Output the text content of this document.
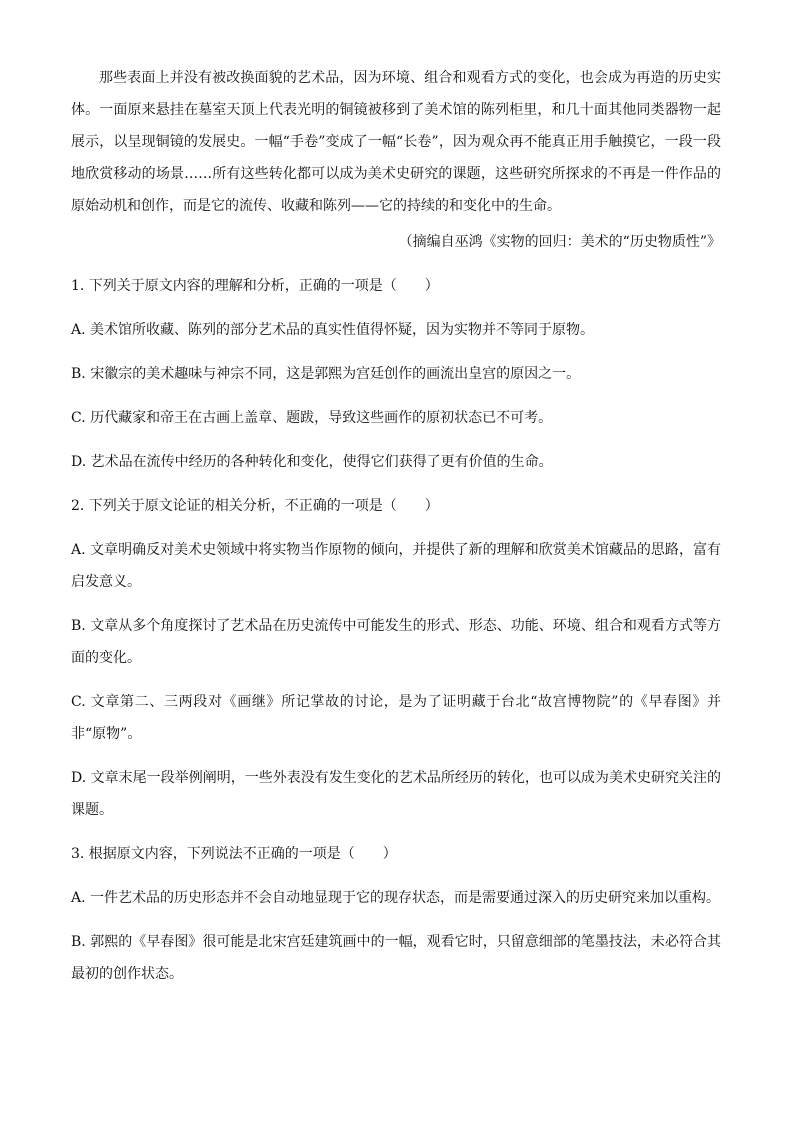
那些表面上并没有被改换面貌的艺术品，因为环境、组合和观看方式的变化，也会成为再造的历史实体。一面原来悬挂在墓室天顶上代表光明的铜镜被移到了美术馆的陈列柜里，和几十面其他同类器物一起展示，以呈现铜镜的发展史。一幅“手卷”变成了一幅“长卷”，因为观众再不能真正用手触摸它，一段一段地欣赏移动的场景……所有这些转化都可以成为美术史研究的课题，这些研究所探求的不再是一件作品的原始动机和创作，而是它的流传、收藏和陈列——它的持续的和变化中的生命。

（摘编自巫鸿《实物的回归：美术的“历史物质性”》
1. 下列关于原文内容的理解和分析，正确的一项是（　　）
A. 美术馆所收藏、陈列的部分艺术品的真实性值得怀疑，因为实物并不等同于原物。
B. 宋徽宗的美术趣味与神宗不同，这是郭熙为宫廷创作的画流出皇宫的原因之一。
C. 历代藏家和帝王在古画上盖章、题跋，导致这些画作的原初状态已不可考。
D. 艺术品在流传中经历的各种转化和变化，使得它们获得了更有价值的生命。
2. 下列关于原文论证的相关分析，不正确的一项是（　　）
A. 文章明确反对美术史领域中将实物当作原物的倾向，并提供了新的理解和欣赏美术馆藏品的思路，富有启发意义。
B. 文章从多个角度探讨了艺术品在历史流传中可能发生的形式、形态、功能、环境、组合和观看方式等方面的变化。
C. 文章第二、三两段对《画继》所记掌故的讨论，是为了证明藏于台北“故宫博物院”的《早春图》并非“原物”。
D. 文章末尾一段举例阐明，一些外表没有发生变化的艺术品所经历的转化，也可以成为美术史研究关注的课题。
3. 根据原文内容，下列说法不正确的一项是（　　）
A. 一件艺术品的历史形态并不会自动地显现于它的现存状态，而是需要通过深入的历史研究来加以重构。
B. 郭熙的《早春图》很可能是北宋宫廷建筑画中的一幅，观看它时，只留意细部的笔墨技法，未必符合其最初的创作状态。
